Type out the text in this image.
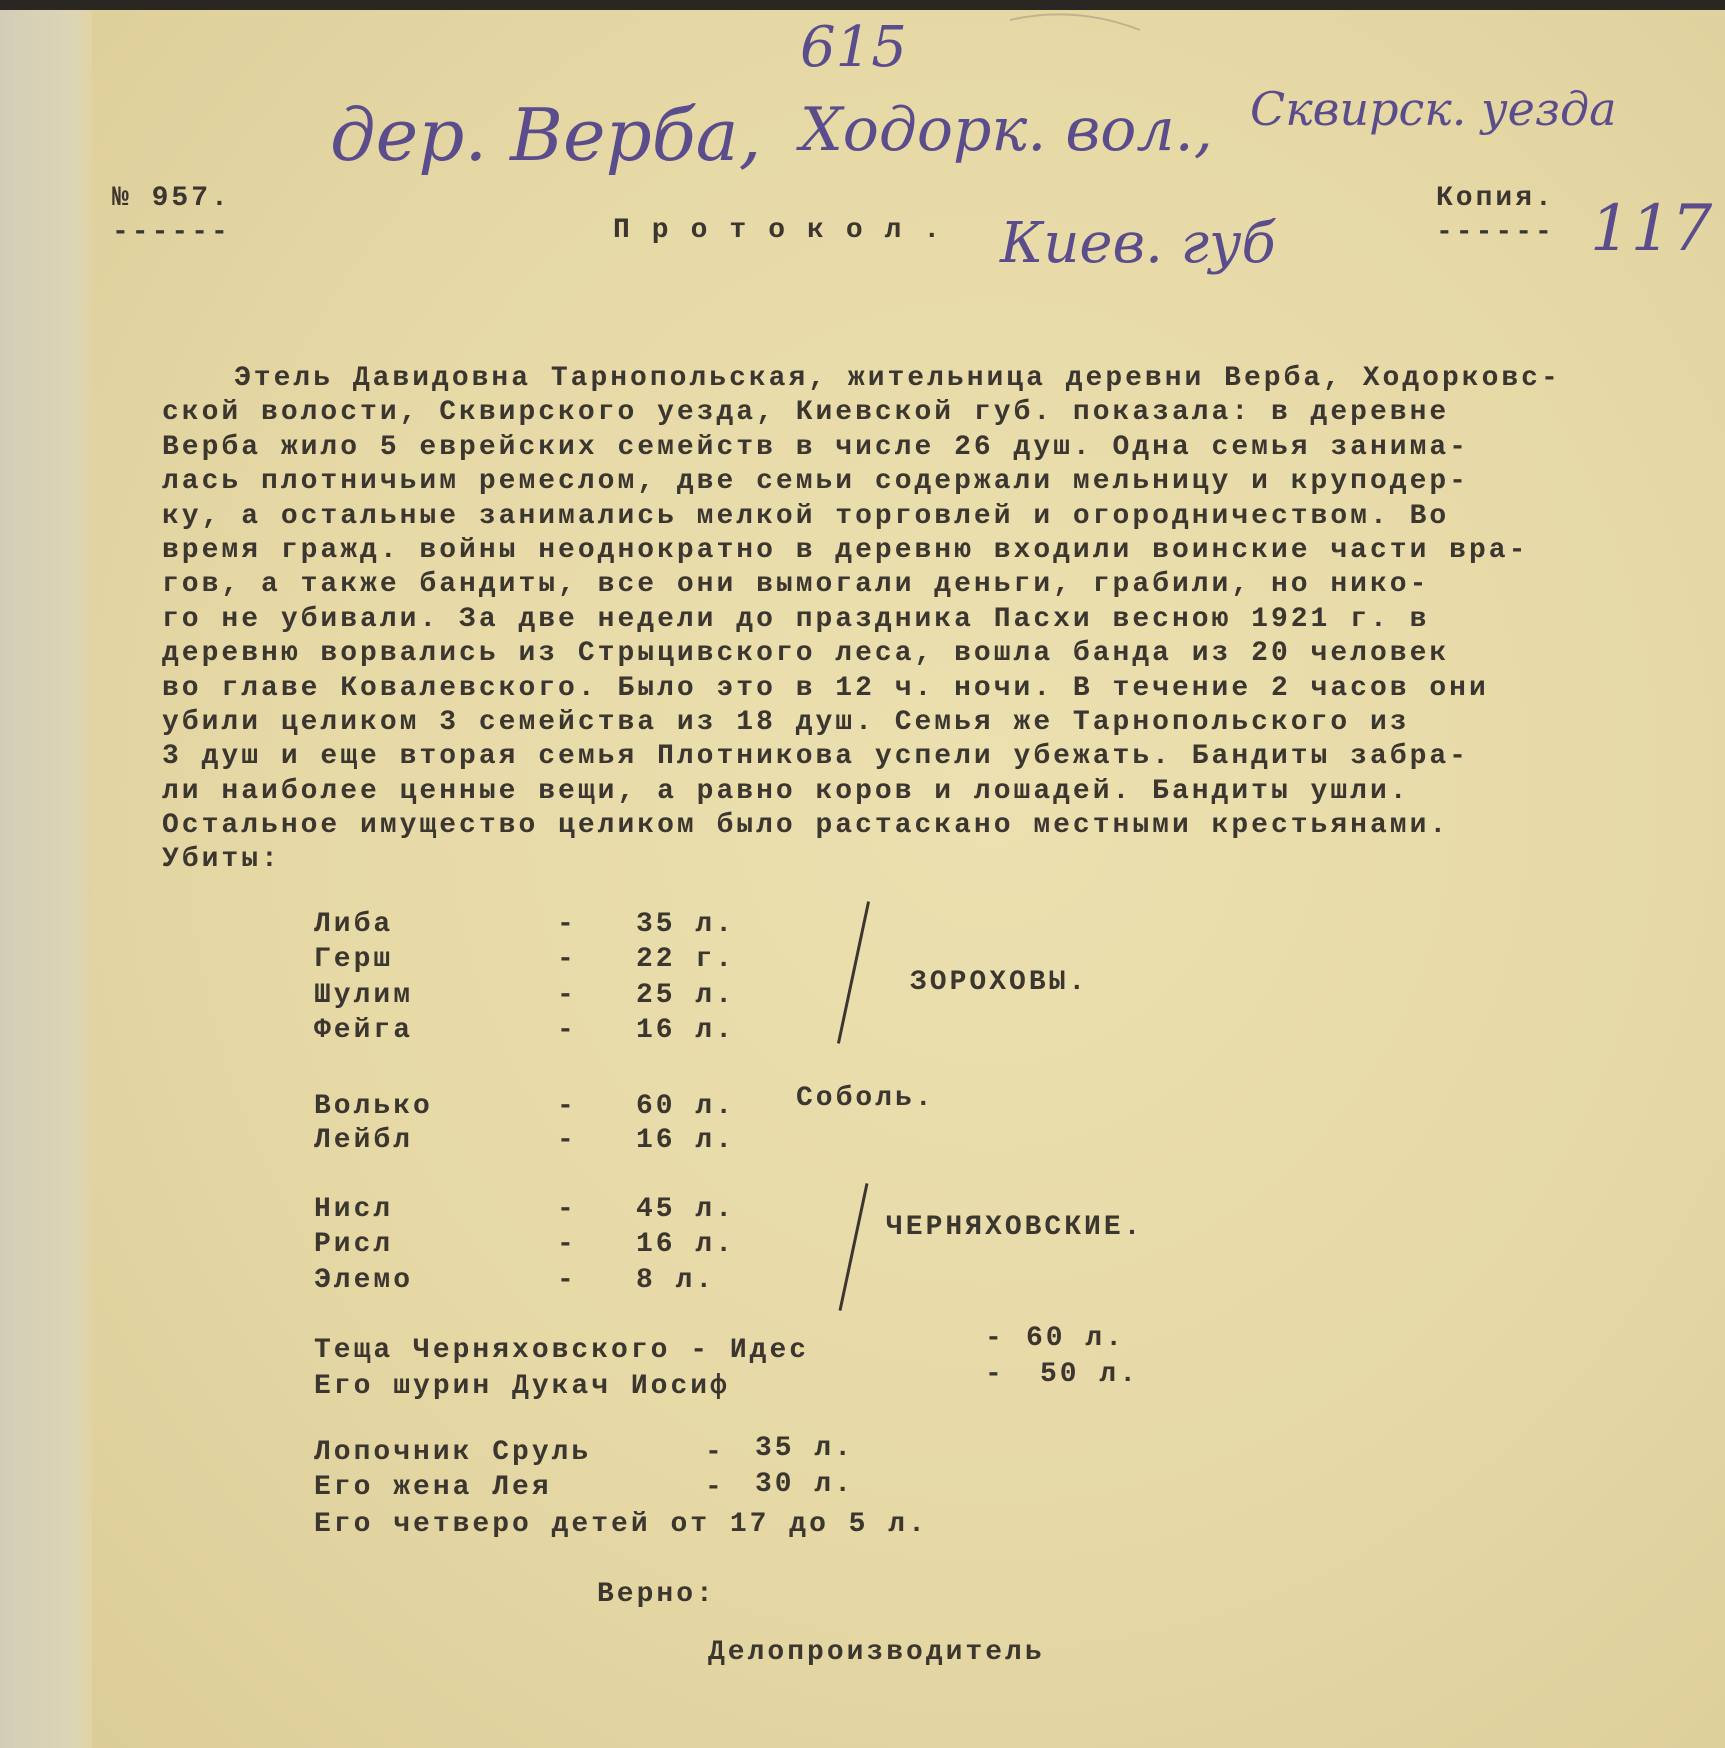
615
дер. Верба, Ходорк. вол., Сквирск. уезда
Киев. губ	117
№ 957.
------	Протокол.
Копия.
------
Этель Давидовна Тарнопольская, жительница деревни Верба, Ходорковс-
ской волости, Сквирского уезда, Киевской губ. показала: в деревне
Верба жило 5 еврейских семейств в числе 26 душ. Одна семья занима-
лась плотничьим ремеслом, две семьи содержали мельницу и круподер-
ку, а остальные занимались мелкой торговлей и огородничеством. Во
время гражд. войны неоднократно в деревню входили воинские части вра-
гов, а также бандиты, все они вымогали деньги, грабили, но нико-
го не убивали. За две недели до праздника Пасхи весною 1921 г. в
деревню ворвались из Стрыцивского леса, вошла банда из 20 человек
во главе Ковалевского. Было это в 12 ч. ночи. В течение 2 часов они
убили целиком 3 семейства из 18 душ. Семья же Тарнопольского из
3 душ и еще вторая семья Плотникова успели убежать. Бандиты забра-
ли наиболее ценные вещи, а равно коров и лошадей. Бандиты ушли.
Остальное имущество целиком было растаскано местными крестьянами.
Убиты:
Либа	- 35 л.
Герш	- 22 г.
Шулим	- 25 л.
Фейга	- 16 л.
ЗОРОХОВЫ.
Волько	- 60 л. Соболь.
Лейбл	- 16 л.
Нисл	- 45 л.
Рисл	- 16 л.
Элемо	- 8 л.
ЧЕРНЯХОВСКИЕ.
Теща Черняховского - Идес	- 60 л.
Его шурин Дукач Иосиф	- 50 л.
Лопочник Сруль	- 35 л.
Его жена Лея	- 30 л.
Его четверо детей от 17 до 5 л.
Верно:
Делопроизводитель
